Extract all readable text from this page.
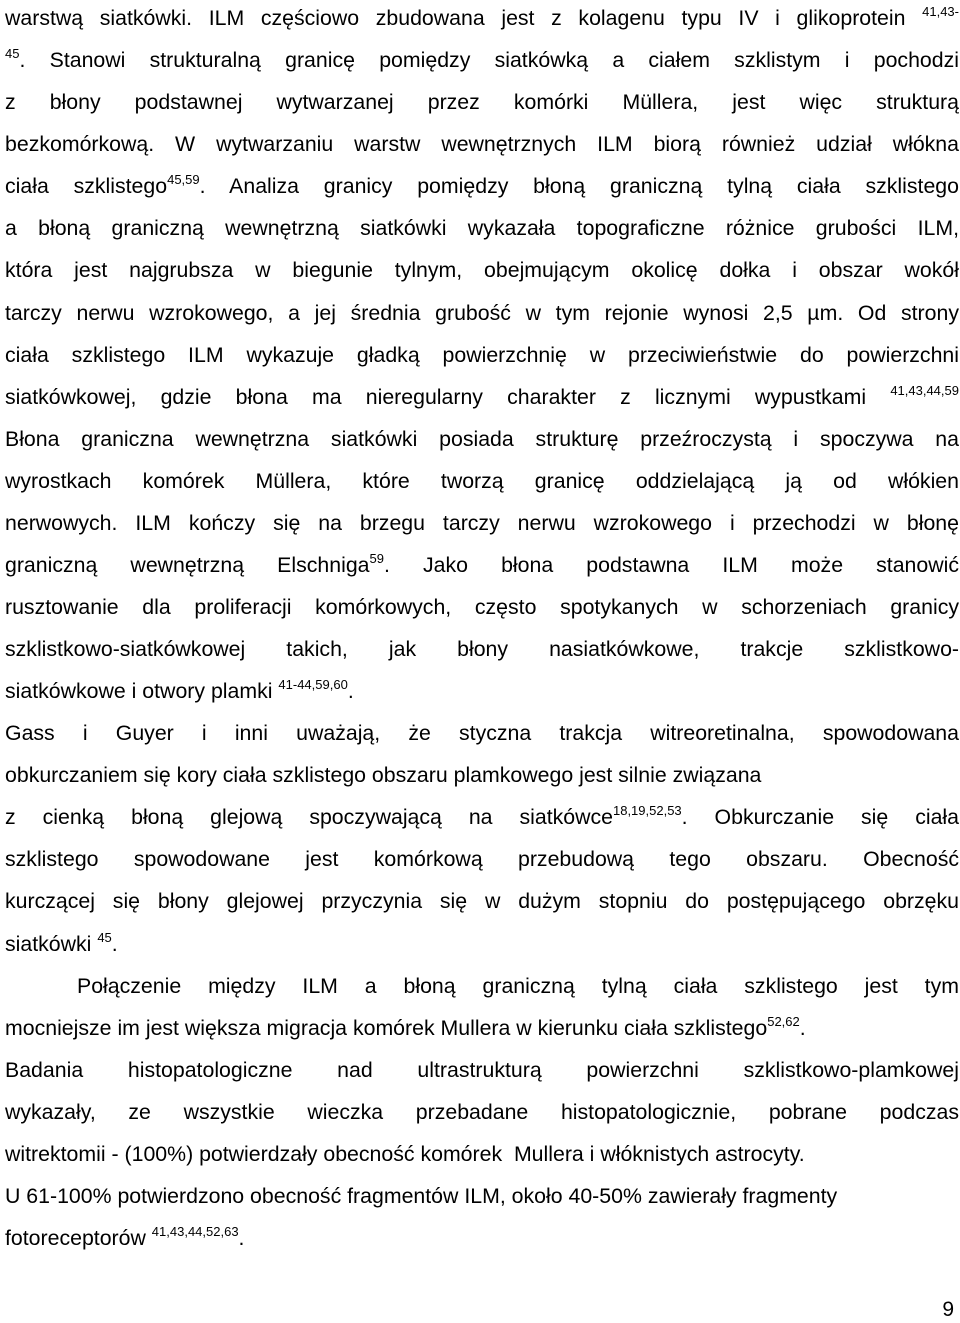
warstwą siatkówki. ILM częściowo zbudowana jest z kolagenu typu IV i glikoprotein $^{41,43-}$
$^{45}$. Stanowi strukturalną granicę pomiędzy siatkówką a ciałem szklistym i pochodzi
z błony podstawnej wytwarzanej przez komórki Müllera, jest więc strukturą
bezkomórkową. W wytwarzaniu warstw wewnętrznych ILM biorą również udział włókna
ciała szklistego$^{45,59}$. Analiza granicy pomiędzy błoną graniczną tylną ciała szklistego
a błoną graniczną wewnętrzną siatkówki wykazała topograficzne różnice grubości ILM,
która jest najgrubsza w biegunie tylnym, obejmującym okolicę dołka i obszar wokół
tarczy nerwu wzrokowego, a jej średnia grubość w tym rejonie wynosi 2,5 µm. Od strony
ciała szklistego ILM wykazuje gładką powierzchnię w przeciwieństwie do powierzchni
siatkówkowej, gdzie błona ma nieregularny charakter z licznymi wypustkami $^{41,43,44,59}$
Błona graniczna wewnętrzna siatkówki posiada strukturę przeźroczystą i spoczywa na
wyrostkach komórek Müllera, które tworzą granicę oddzielającą ją od włókien
nerwowych. ILM kończy się na brzegu tarczy nerwu wzrokowego i przechodzi w błonę
graniczną wewnętrzną Elschniga$^{59}$. Jako błona podstawna ILM może stanowić
rusztowanie dla proliferacji komórkowych, często spotykanych w schorzeniach granicy
szklistkowo-siatkówkowej takich, jak błony nasiatkówkowe, trakcje szklistkowo-
siatkówkowe i otwory plamki $^{41-44,59,60}$.
Gass i Guyer i inni uważają, że styczna trakcja witreoretinalna, spowodowana
obkurczaniem się kory ciała szklistego obszaru plamkowego jest silnie związana
z cienką błoną glejową spoczywającą na siatkówce$^{18,19,52,53}$. Obkurczanie się ciała
szklistego spowodowane jest komórkową przebudową tego obszaru. Obecność
kurczącej się błony glejowej przyczynia się w dużym stopniu do postępującego obrzęku
siatkówki $^{45}$.
Połączenie między ILM a błoną graniczną tylną ciała szklistego jest tym
mocniejsze im jest większa migracja komórek Mullera w kierunku ciała szklistego$^{52,62}$.
Badania histopatologiczne nad ultrastrukturą powierzchni szklistkowo-plamkowej
wykazały, ze wszystkie wieczka przebadane histopatologicznie, pobrane podczas
witrektomii - (100%) potwierdzały obecność komórek  Mullera i włóknistych astrocyty.
U 61-100% potwierdzono obecność fragmentów ILM, około 40-50% zawierały fragmenty
fotoreceptorów $^{41,43,44,52,63}$.
9
